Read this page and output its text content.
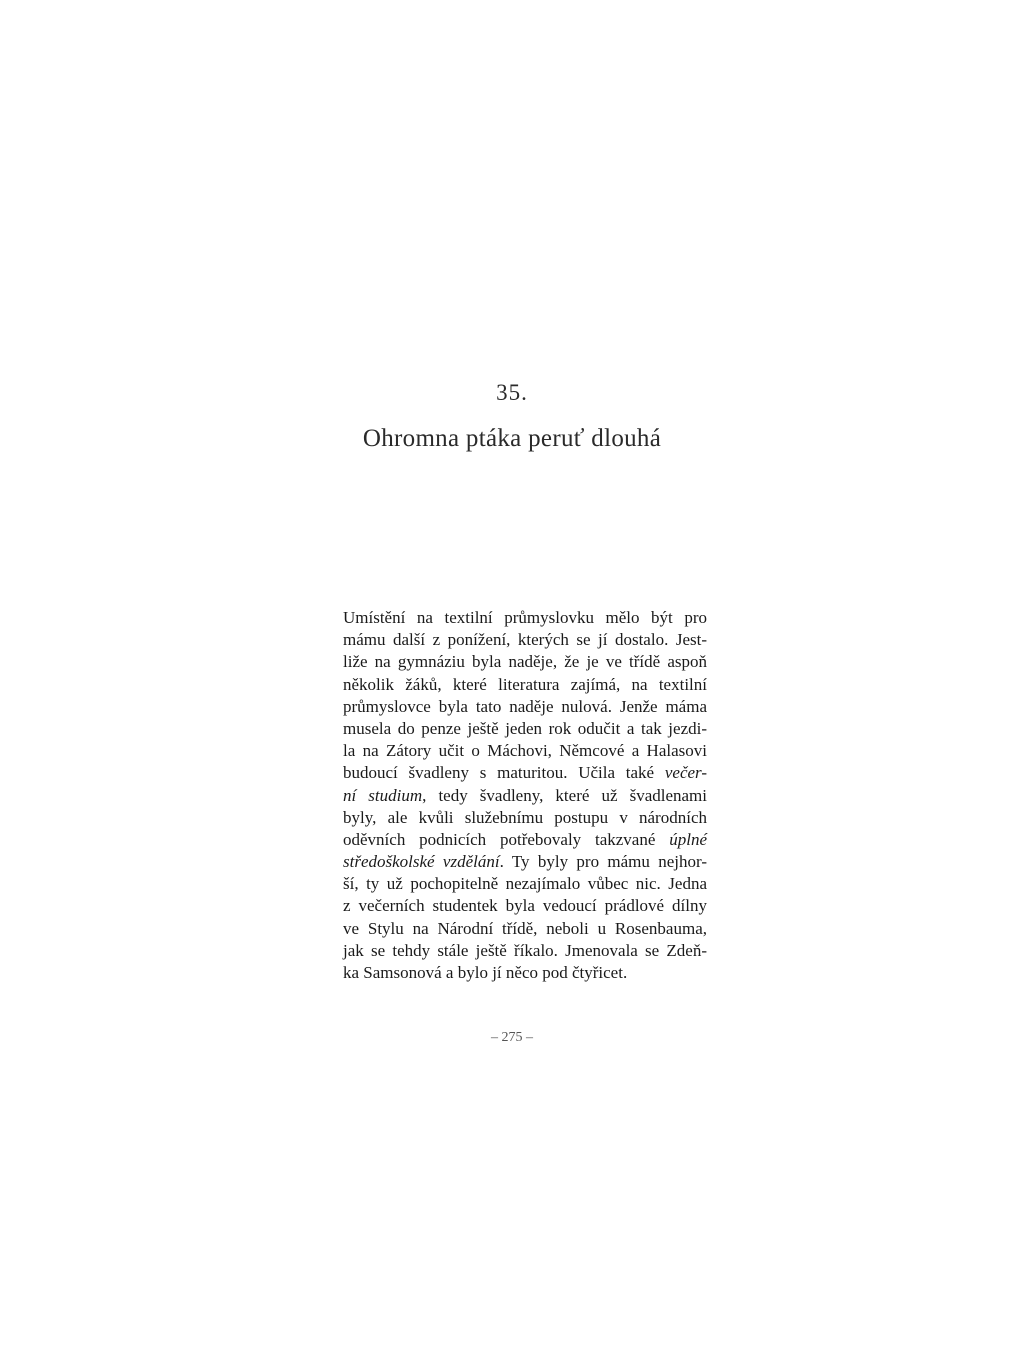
35.
Ohromna ptáka peruť dlouhá
Umístění na textilní průmyslovku mělo být pro
mámu další z ponížení, kterých se jí dostalo. Jest-
liže na gymnáziu byla naděje, že je ve třídě aspoň
několik žáků, které literatura zajímá, na textilní
průmyslovce byla tato naděje nulová. Jenže máma
musela do penze ještě jeden rok odučit a tak jezdi-
la na Zátory učit o Máchovi, Němcové a Halasovi
budoucí švadleny s maturitou. Učila také večer-
ní studium, tedy švadleny, které už švadlenami
byly, ale kvůli služebnímu postupu v národních
oděvních podnicích potřebovaly takzvané úplné
středoškolské vzdělání. Ty byly pro mámu nejhor-
ší, ty už pochopitelně nezajímalo vůbec nic. Jedna
z večerních studentek byla vedoucí prádlové dílny
ve Stylu na Národní třídě, neboli u Rosenbauma,
jak se tehdy stále ještě říkalo. Jmenovala se Zdeň-
ka Samsonová a bylo jí něco pod čtyřicet.
– 275 –
